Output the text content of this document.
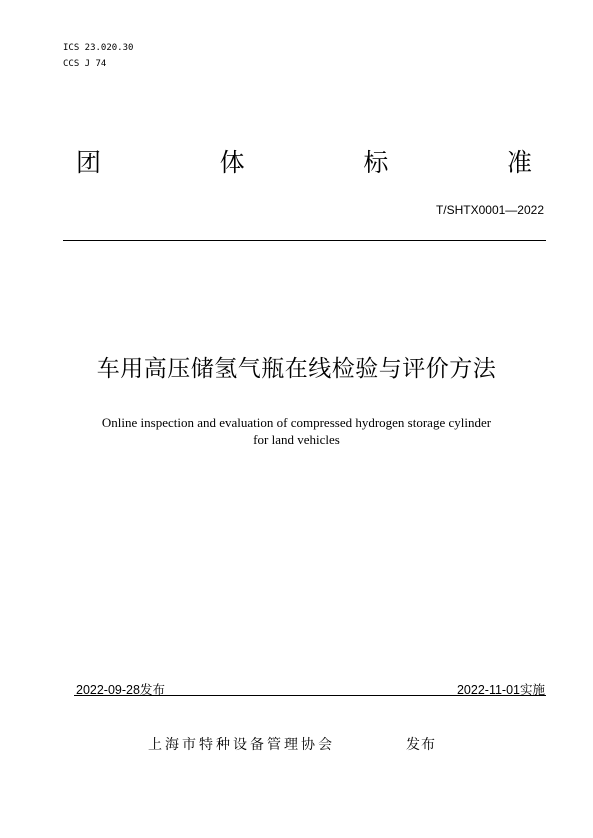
ICS 23.020.30
CCS J 74
团	体	标	准
T/SHTX0001—2022
车用高压储氢气瓶在线检验与评价方法
Online inspection and evaluation of compressed hydrogen storage cylinder
for land vehicles
2022-09-28发布	2022-11-01实施
上海市特种设备管理协会	发布
